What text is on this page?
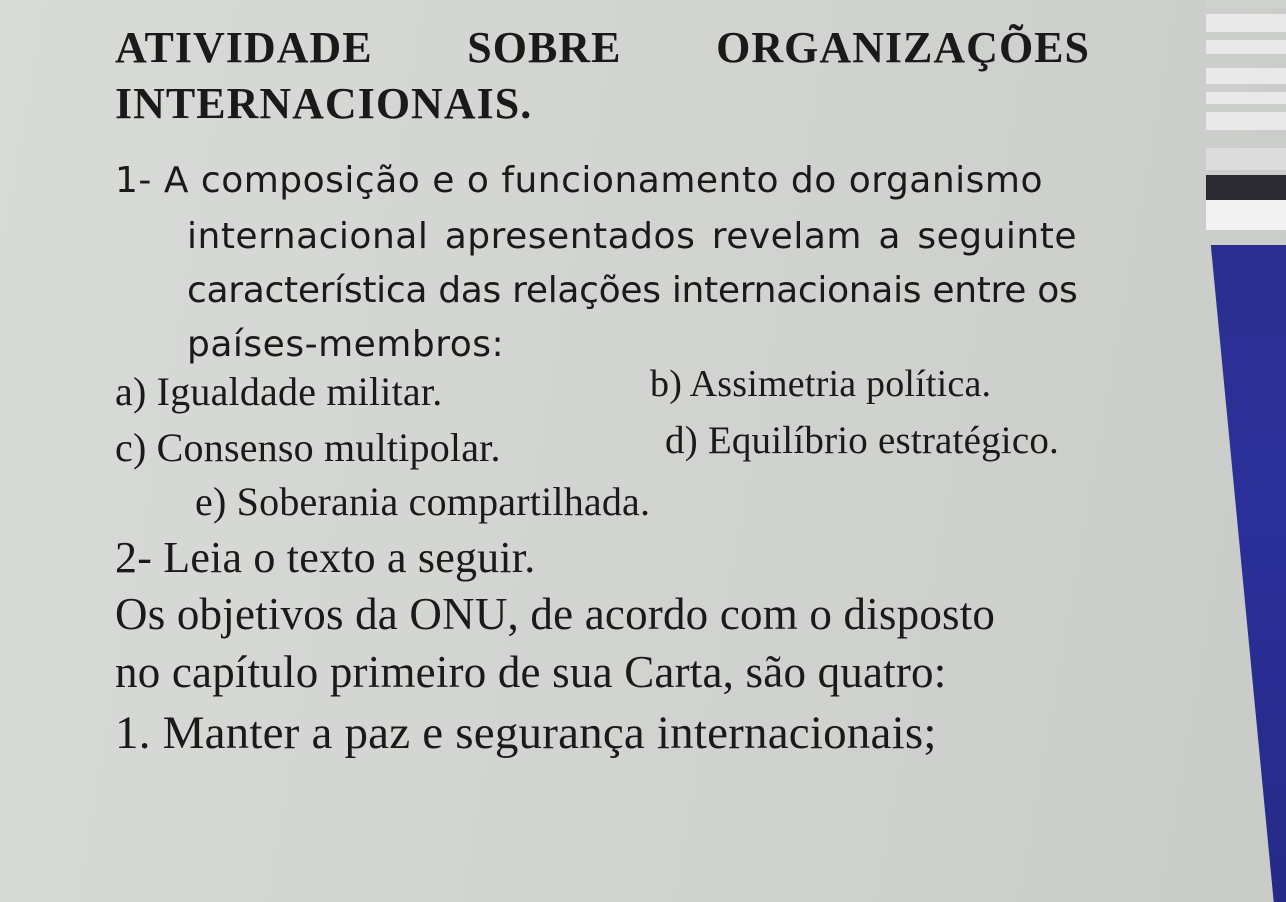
ATIVIDADE SOBRE ORGANIZAÇÕES
INTERNACIONAIS.
1- A composição e o funcionamento do organismo
internacional apresentados revelam a seguinte
característica das relações internacionais entre os
países-membros:
a) Igualdade militar.	b) Assimetria política.
c) Consenso multipolar.	d) Equilíbrio estratégico.
e) Soberania compartilhada.
2- Leia o texto a seguir.
Os objetivos da ONU, de acordo com o disposto
no capítulo primeiro de sua Carta, são quatro:
1. Manter a paz e segurança internacionais;
